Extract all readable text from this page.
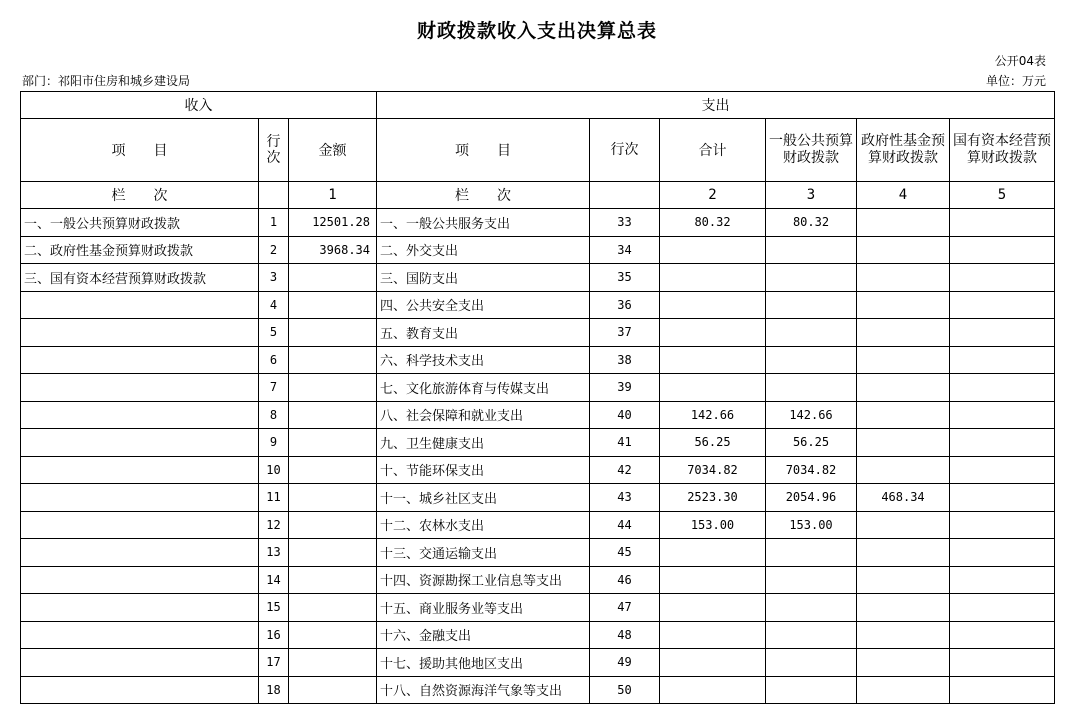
财政拨款收入支出决算总表
公开04表
部门：祁阳市住房和城乡建设局	单位：万元
收入			支出					
项　　目	行次	金额	项　　目	行次	合计	一般公共预算财政拨款	政府性基金预算财政拨款	国有资本经营预算财政拨款
栏　　次		1	栏　　次		2	3	4	5
一、一般公共预算财政拨款	1	12501.28	一、一般公共服务支出	33	80.32	80.32		
二、政府性基金预算财政拨款	2	3968.34	二、外交支出	34				
三、国有资本经营预算财政拨款	3		三、国防支出	35				
	4		四、公共安全支出	36				
	5		五、教育支出	37				
	6		六、科学技术支出	38				
	7		七、文化旅游体育与传媒支出	39				
	8		八、社会保障和就业支出	40	142.66	142.66		
	9		九、卫生健康支出	41	56.25	56.25		
	10		十、节能环保支出	42	7034.82	7034.82		
	11		十一、城乡社区支出	43	2523.30	2054.96	468.34	
	12		十二、农林水支出	44	153.00	153.00		
	13		十三、交通运输支出	45				
	14		十四、资源勘探工业信息等支出	46				
	15		十五、商业服务业等支出	47				
	16		十六、金融支出	48				
	17		十七、援助其他地区支出	49				
	18		十八、自然资源海洋气象等支出	50				
